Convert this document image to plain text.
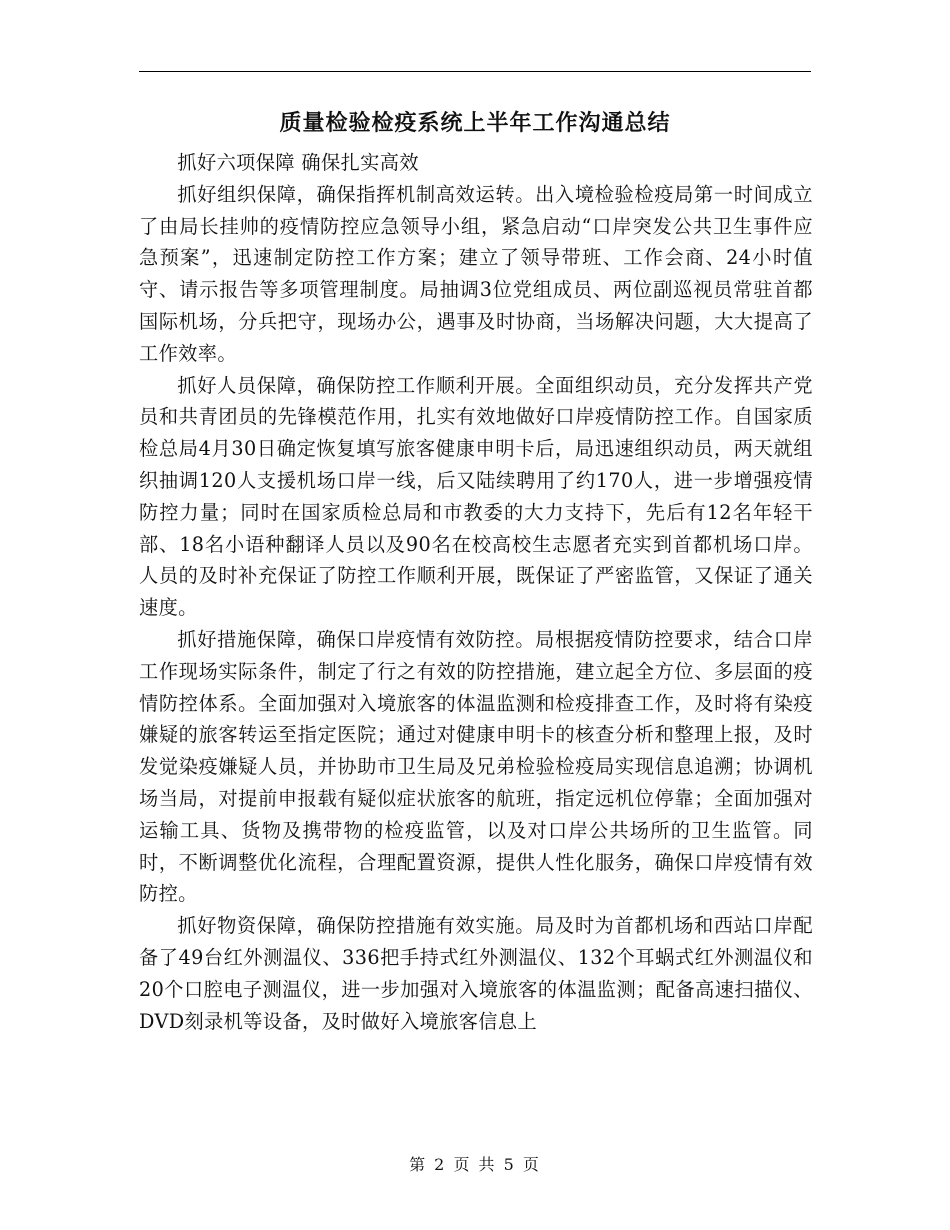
质量检验检疫系统上半年工作沟通总结

抓好六项保障 确保扎实高效

抓好组织保障，确保指挥机制高效运转。出入境检验检疫局第一时间成立了由局长挂帅的疫情防控应急领导小组，紧急启动“口岸突发公共卫生事件应急预案”，迅速制定防控工作方案；建立了领导带班、工作会商、24小时值守、请示报告等多项管理制度。局抽调3位党组成员、两位副巡视员常驻首都国际机场，分兵把守，现场办公，遇事及时协商，当场解决问题，大大提高了工作效率。

抓好人员保障，确保防控工作顺利开展。全面组织动员，充分发挥共产党员和共青团员的先锋模范作用，扎实有效地做好口岸疫情防控工作。自国家质检总局4月30日确定恢复填写旅客健康申明卡后，局迅速组织动员，两天就组织抽调120人支援机场口岸一线，后又陆续聘用了约170人，进一步增强疫情防控力量；同时在国家质检总局和市教委的大力支持下，先后有12名年轻干部、18名小语种翻译人员以及90名在校高校生志愿者充实到首都机场口岸。人员的及时补充保证了防控工作顺利开展，既保证了严密监管，又保证了通关速度。

抓好措施保障，确保口岸疫情有效防控。局根据疫情防控要求，结合口岸工作现场实际条件，制定了行之有效的防控措施，建立起全方位、多层面的疫情防控体系。全面加强对入境旅客的体温监测和检疫排查工作，及时将有染疫嫌疑的旅客转运至指定医院；通过对健康申明卡的核查分析和整理上报，及时发觉染疫嫌疑人员，并协助市卫生局及兄弟检验检疫局实现信息追溯；协调机场当局，对提前申报载有疑似症状旅客的航班，指定远机位停靠；全面加强对运输工具、货物及携带物的检疫监管，以及对口岸公共场所的卫生监管。同时，不断调整优化流程，合理配置资源，提供人性化服务，确保口岸疫情有效防控。

抓好物资保障，确保防控措施有效实施。局及时为首都机场和西站口岸配备了49台红外测温仪、336把手持式红外测温仪、132个耳蜗式红外测温仪和20个口腔电子测温仪，进一步加强对入境旅客的体温监测；配备高速扫描仪、DVD刻录机等设备，及时做好入境旅客信息上

第 2 页 共 5 页
